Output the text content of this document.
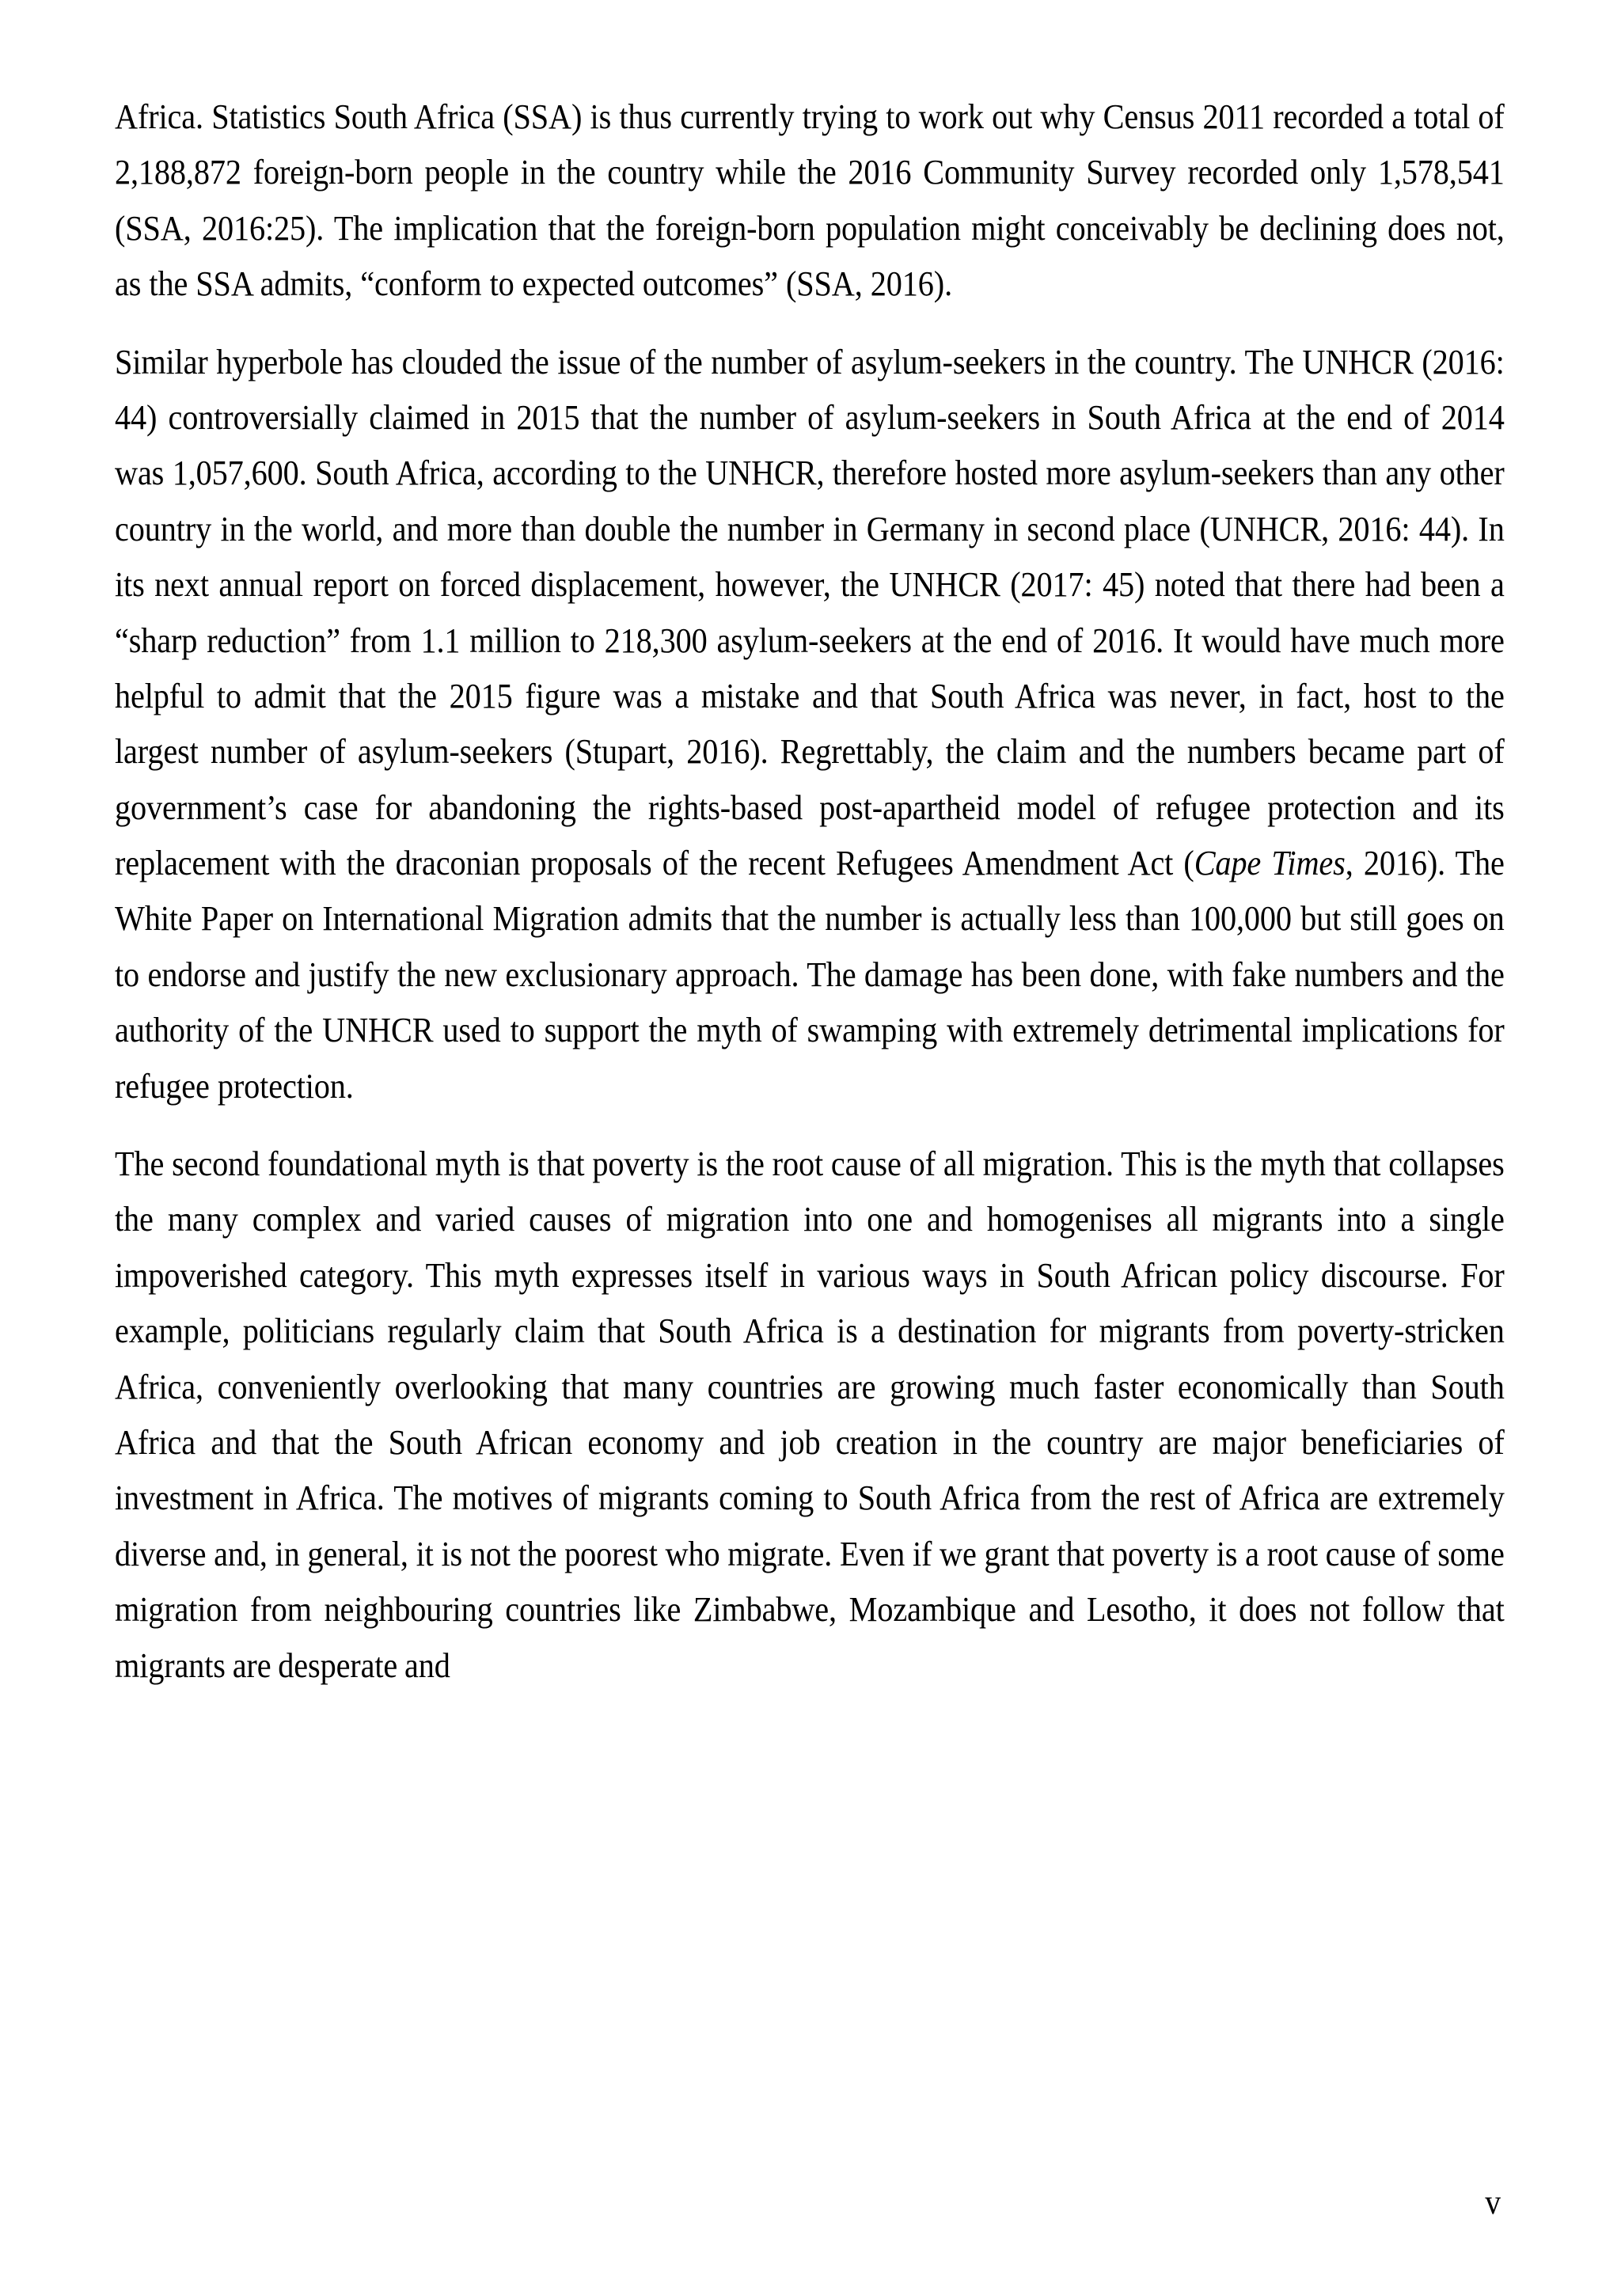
Africa. Statistics South Africa (SSA) is thus currently trying to work out why Census 2011 recorded a total of 2,188,872 foreign-born people in the country while the 2016 Community Survey recorded only 1,578,541 (SSA, 2016:25). The implication that the foreign-born population might conceivably be declining does not, as the SSA admits, “conform to expected outcomes” (SSA, 2016).

Similar hyperbole has clouded the issue of the number of asylum-seekers in the country. The UNHCR (2016: 44) controversially claimed in 2015 that the number of asylum-seekers in South Africa at the end of 2014 was 1,057,600. South Africa, according to the UNHCR, therefore hosted more asylum-seekers than any other country in the world, and more than double the number in Germany in second place (UNHCR, 2016: 44). In its next annual report on forced displacement, however, the UNHCR (2017: 45) noted that there had been a “sharp reduction” from 1.1 million to 218,300 asylum-seekers at the end of 2016. It would have much more helpful to admit that the 2015 figure was a mistake and that South Africa was never, in fact, host to the largest number of asylum-seekers (Stupart, 2016). Regrettably, the claim and the numbers became part of government’s case for abandoning the rights-based post-apartheid model of refugee protection and its replacement with the draconian proposals of the recent Refugees Amendment Act (Cape Times, 2016). The White Paper on International Migration admits that the number is actually less than 100,000 but still goes on to endorse and justify the new exclusionary approach. The damage has been done, with fake numbers and the authority of the UNHCR used to support the myth of swamping with extremely detrimental implications for refugee protection.

The second foundational myth is that poverty is the root cause of all migration. This is the myth that collapses the many complex and varied causes of migration into one and homogenises all migrants into a single impoverished category. This myth expresses itself in various ways in South African policy discourse. For example, politicians regularly claim that South Africa is a destination for migrants from poverty-stricken Africa, conveniently overlooking that many countries are growing much faster economically than South Africa and that the South African economy and job creation in the country are major beneficiaries of investment in Africa. The motives of migrants coming to South Africa from the rest of Africa are extremely diverse and, in general, it is not the poorest who migrate. Even if we grant that poverty is a root cause of some migration from neighbouring countries like Zimbabwe, Mozambique and Lesotho, it does not follow that migrants are desperate and

v
